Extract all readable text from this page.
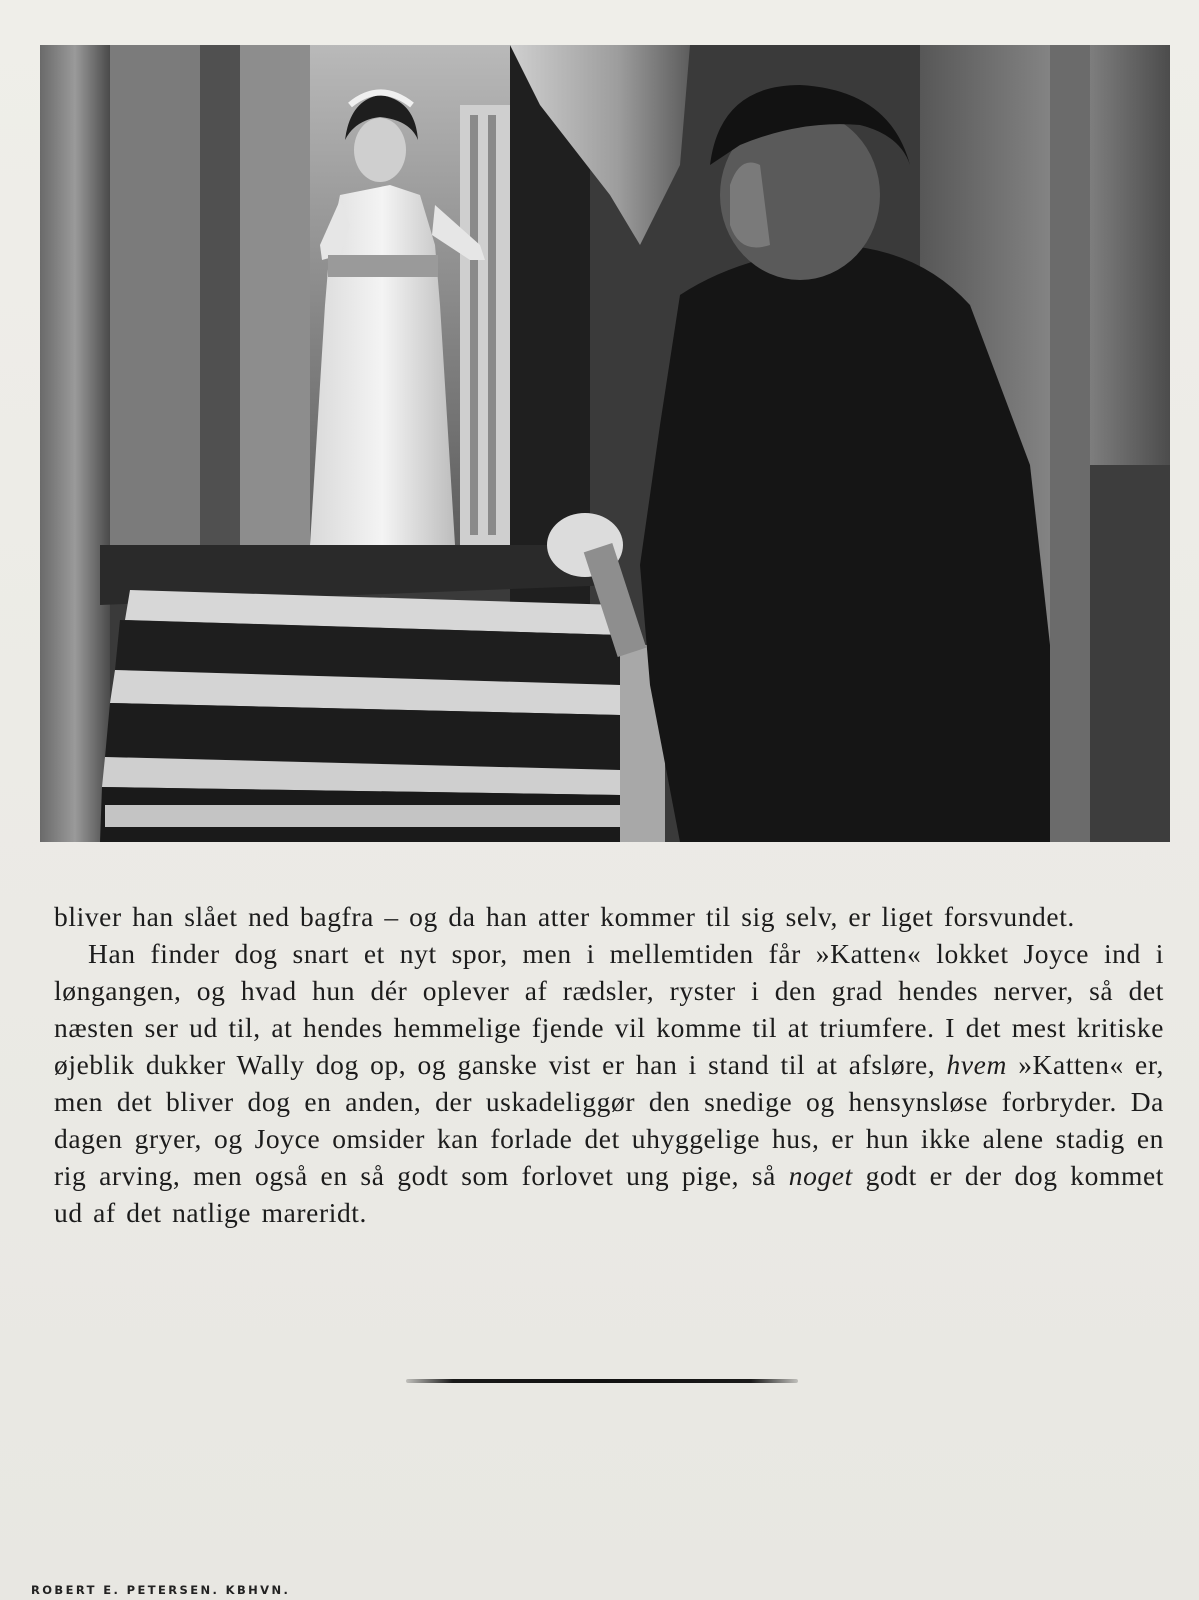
bliver han slået ned bagfra – og da han atter kommer til sig selv, er liget forsvundet.

Han finder dog snart et nyt spor, men i mellemtiden får »Katten« lokket Joyce ind i løngangen, og hvad hun dér oplever af rædsler, ryster i den grad hendes nerver, så det næsten ser ud til, at hendes hemmelige fjende vil komme til at triumfere. I det mest kritiske øjeblik dukker Wally dog op, og ganske vist er han i stand til at afsløre, hvem »Katten« er, men det bliver dog en anden, der uskadeliggør den snedige og hensynsløse forbryder. Da dagen gryer, og Joyce omsider kan forlade det uhyggelige hus, er hun ikke alene stadig en rig arving, men også en så godt som forlovet ung pige, så noget godt er der dog kommet ud af det natlige mareridt.

ROBERT E. PETERSEN. KBHVN.
